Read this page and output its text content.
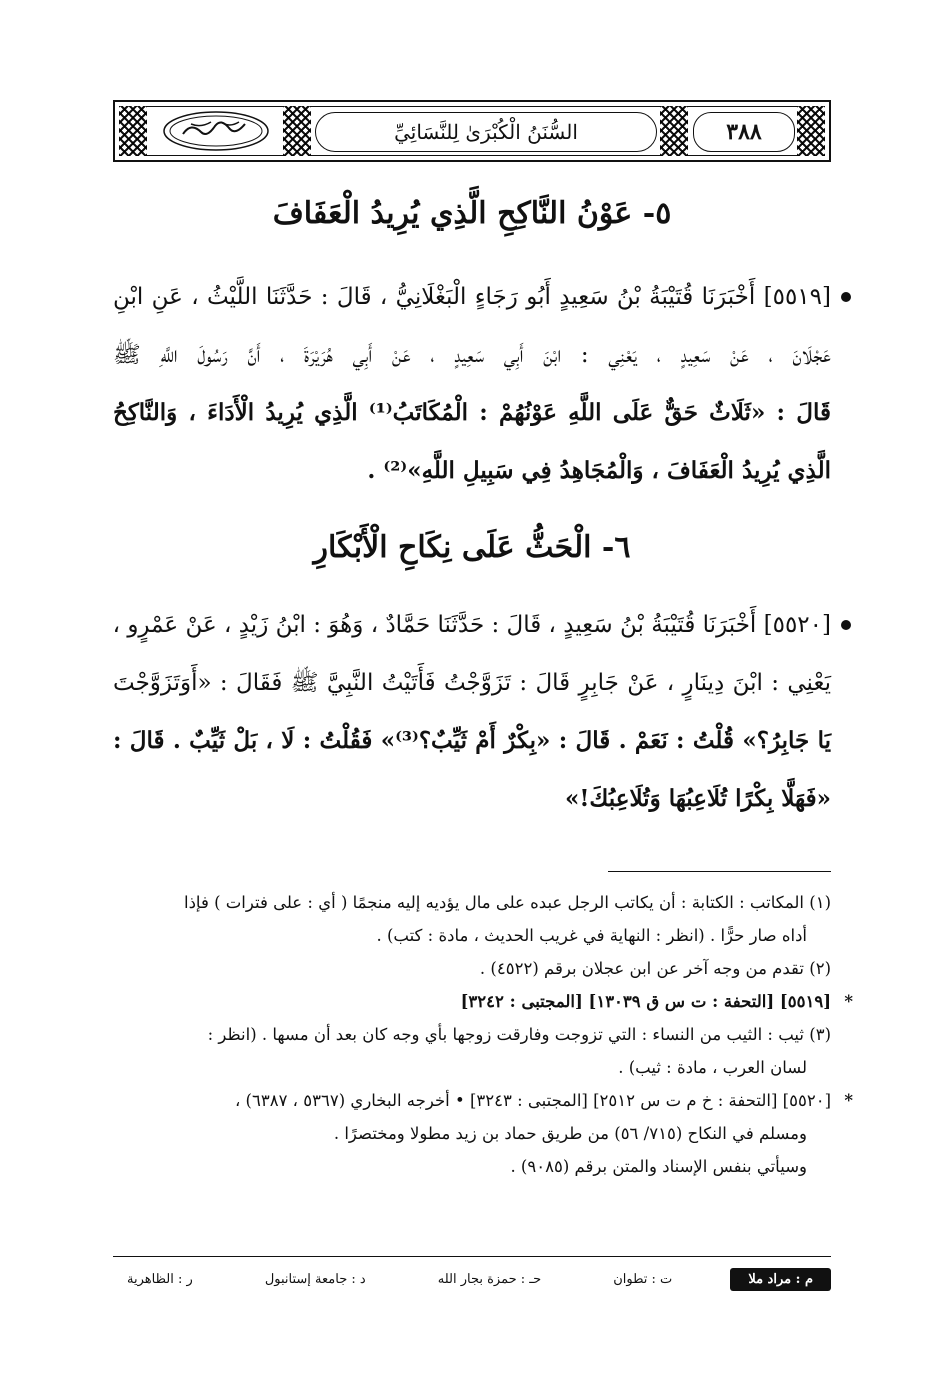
السُّنَنُ الْكُبْرَىٰ لِلنَّسَائِيِّ	٣٨٨
٥- عَوْنُ النَّاكِحِ الَّذِي يُرِيدُ الْعَفَافَ
[٥٥١٩] أَخْبَرَنَا قُتَيْبَةُ بْنُ سَعِيدٍ أَبُو رَجَاءٍ الْبَغْلَانِيُّ ، قَالَ : حَدَّثَنَا اللَّيْثُ ، عَنِ ابْنِ
عَجْلَانَ ، عَنْ سَعِيدٍ ، يَعْنِي : ابْنَ أَبِي سَعِيدٍ ، عَنْ أَبِي هُرَيْرَةَ ، أَنَّ رَسُولَ اللَّهِ ﷺ
قَالَ : «ثَلَاثٌ حَقٌّ عَلَى اللَّهِ عَوْنُهُمْ : الْمُكَاتَبُ⁽¹⁾ الَّذِي يُرِيدُ الْأَدَاءَ ، وَالنَّاكِحُ
الَّذِي يُرِيدُ الْعَفَافَ ، وَالْمُجَاهِدُ فِي سَبِيلِ اللَّهِ»⁽²⁾ .
٦- الْحَثُّ عَلَى نِكَاحِ الْأَبْكَارِ
[٥٥٢٠] أَخْبَرَنَا قُتَيْبَةُ بْنُ سَعِيدٍ ، قَالَ : حَدَّثَنَا حَمَّادٌ ، وَهُوَ : ابْنُ زَيْدٍ ، عَنْ عَمْرٍو ،
يَعْنِي : ابْنَ دِينَارٍ ، عَنْ جَابِرٍ قَالَ : تَزَوَّجْتُ فَأَتَيْتُ النَّبِيَّ ﷺ فَقَالَ : «أَوَتَزَوَّجْتَ
يَا جَابِرُ؟» قُلْتُ : نَعَمْ . قَالَ : «بِكْرٌ أَمْ ثَيِّبٌ؟⁽³⁾» فَقُلْتُ : لَا ، بَلْ ثَيِّبٌ . قَالَ :
«فَهَلَّا بِكْرًا تُلَاعِبُهَا وَتُلَاعِبُكَ!»
(١) المكاتب : الكتابة : أن يكاتب الرجل عبده على مال يؤديه إليه منجمًا ( أي : على فترات ) فإذا
أداه صار حرًّا . (انظر : النهاية في غريب الحديث ، مادة : كتب) .
(٢) تقدم من وجه آخر عن ابن عجلان برقم (٤٥٢٢) .
*
[٥٥١٩] [التحفة : ت س ق ١٣٠٣٩] [المجتبى : ٣٢٤٢]
(٣) ثيب : الثيب من النساء : التي تزوجت وفارقت زوجها بأي وجه كان بعد أن مسها . (انظر :
لسان العرب ، مادة : ثيب) .
*
[٥٥٢٠] [التحفة : خ م ت س ٢٥١٢] [المجتبى : ٣٢٤٣] • أخرجه البخاري (٥٣٦٧ ، ٦٣٨٧) ،
ومسلم في النكاح (٧١٥/ ٥٦) من طريق حماد بن زيد مطولا ومختصرًا .
وسيأتي بنفس الإسناد والمتن برقم (٩٠٨٥) .
م : مراد ملا
ت : تطوان
حـ : حمزة بجار الله
د : جامعة إستانبول
ر : الظاهرية
